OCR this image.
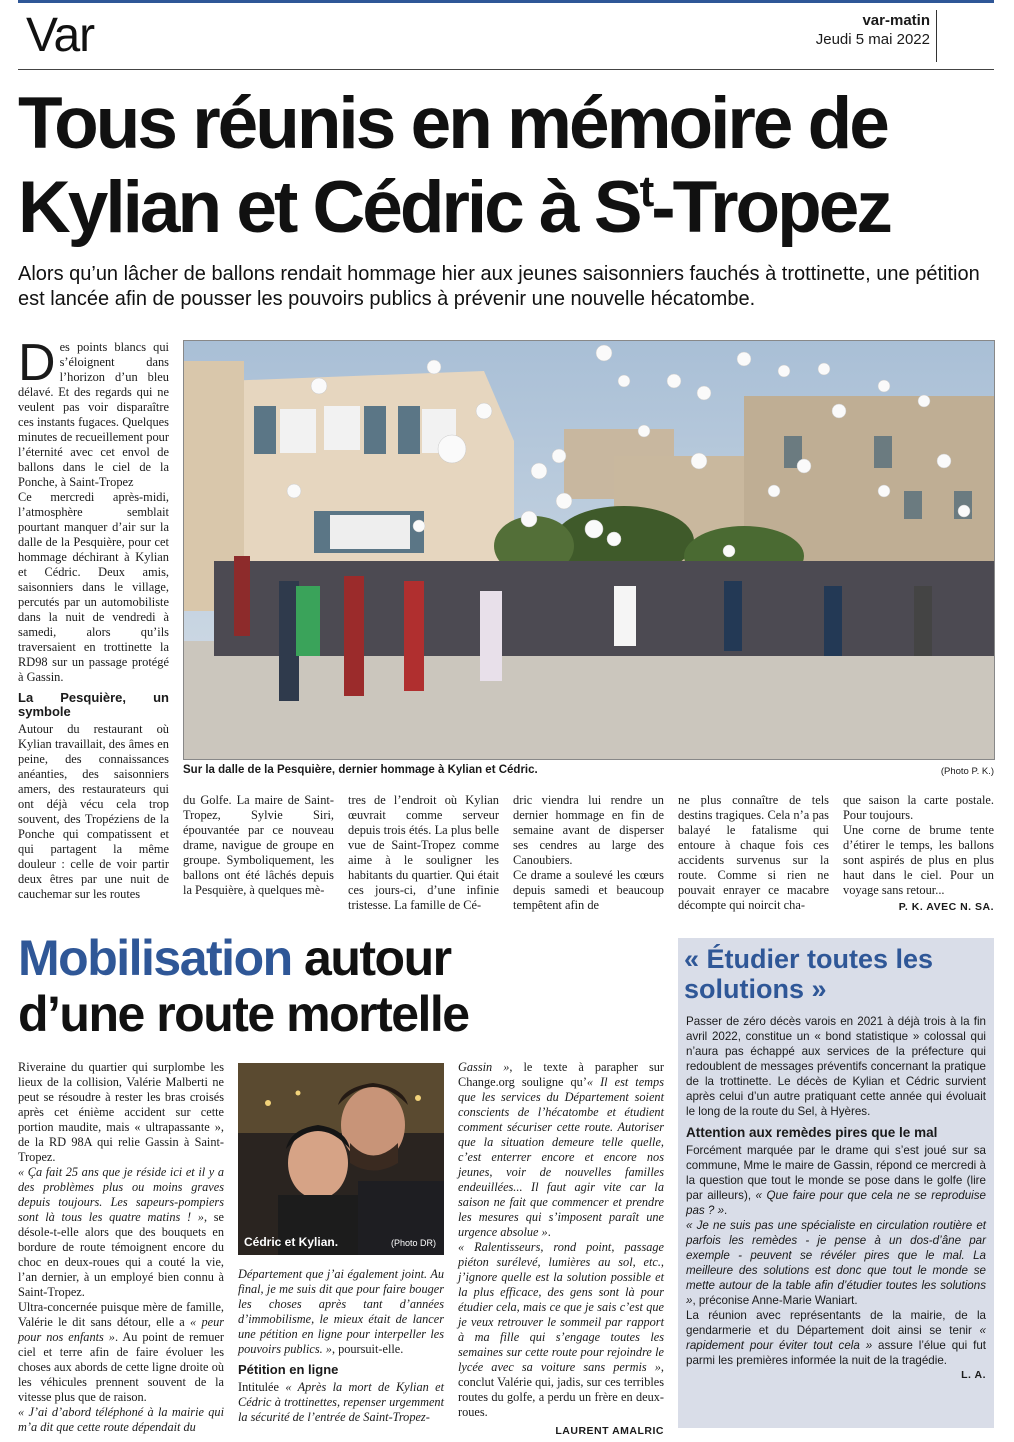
Var	var-matin
Jeudi 5 mai 2022
Tous réunis en mémoire de
Kylian et Cédric à $S^t$-Tropez

Alors qu’un lâcher de ballons rendait hommage hier aux jeunes saisonniers fauchés à trottinette, une pétition est lancée afin de pousser les pouvoirs publics à prévenir une nouvelle hécatombe.

Des points blancs qui s’éloignent dans l’horizon d’un bleu délavé. Et des regards qui ne veulent pas voir disparaître ces instants fugaces. Quelques minutes de recueillement pour l’éternité avec cet envol de ballons dans le ciel de la Ponche, à Saint-Tropez

Ce mercredi après-midi, l’atmosphère semblait pourtant manquer d’air sur la dalle de la Pesquière, pour cet hommage déchirant à Kylian et Cédric. Deux amis, saisonniers dans le village, percutés par un automobiliste dans la nuit de vendredi à samedi, alors qu’ils traversaient en trottinette la RD98 sur un passage protégé à Gassin.

La Pesquière, un symbole

Autour du restaurant où Kylian travaillait, des âmes en peine, des connaissances anéanties, des saisonniers amers, des restaurateurs qui ont déjà vécu cela trop souvent, des Tropéziens de la Ponche qui compatissent et qui partagent la même douleur : celle de voir partir deux êtres par une nuit de cauchemar sur les routes

Sur la dalle de la Pesquière, dernier hommage à Kylian et Cédric.	(Photo P. K.)

du Golfe. La maire de Saint-Tropez, Sylvie Siri, épouvantée par ce nouveau drame, navigue de groupe en groupe. Symboliquement, les ballons ont été lâchés depuis la Pesquière, à quelques mè-

tres de l’endroit où Kylian œuvrait comme serveur depuis trois étés. La plus belle vue de Saint-Tropez comme aime à le souligner les habitants du quartier. Qui était ces jours-ci, d’une infinie tristesse. La famille de Cé-

dric viendra lui rendre un dernier hommage en fin de semaine avant de disperser ses cendres au large des Canoubiers.

Ce drame a soulevé les cœurs depuis samedi et beaucoup tempêtent afin de

ne plus connaître de tels destins tragiques. Cela n’a pas balayé le fatalisme qui entoure à chaque fois ces accidents survenus sur la route. Comme si rien ne pouvait enrayer ce macabre décompte qui noircit cha-

que saison la carte postale. Pour toujours.

Une corne de brume tente d’étirer le temps, les ballons sont aspirés de plus en plus haut dans le ciel. Pour un voyage sans retour...

P. K. AVEC N. SA.
Mobilisation autour
d’une route mortelle

Riveraine du quartier qui surplombe les lieux de la collision, Valérie Malberti ne peut se résoudre à rester les bras croisés après cet énième accident sur cette portion maudite, mais « ultrapassante », de la RD 98A qui relie Gassin à Saint-Tropez.

« Ça fait 25 ans que je réside ici et il y a des problèmes plus ou moins graves depuis toujours. Les sapeurs-pompiers sont là tous les quatre matins ! », se désole-t-elle alors que des bouquets en bordure de route témoignent encore du choc en deux-roues qui a couté la vie, l’an dernier, à un employé bien connu à Saint-Tropez.

Ultra-concernée puisque mère de famille, Valérie le dit sans détour, elle a « peur pour nos enfants ». Au point de remuer ciel et terre afin de faire évoluer les choses aux abords de cette ligne droite où les véhicules prennent souvent de la vitesse plus que de raison.

« J’ai d’abord téléphoné à la mairie qui m’a dit que cette route dépendait du

Cédric et Kylian.	(Photo DR)

Département que j’ai également joint. Au final, je me suis dit que pour faire bouger les choses après tant d’années d’immobilisme, le mieux était de lancer une pétition en ligne pour interpeller les pouvoirs publics. », poursuit-elle.

Pétition en ligne

Intitulée « Après la mort de Kylian et Cédric à trottinettes, repenser urgemment la sécurité de l’entrée de Saint-Tropez-

Gassin », le texte à parapher sur Change.org souligne qu’« Il est temps que les services du Département soient conscients de l’hécatombe et étudient comment sécuriser cette route. Autoriser que la situation demeure telle quelle, c’est enterrer encore et encore nos jeunes, voir de nouvelles familles endeuillées... Il faut agir vite car la saison ne fait que commencer et prendre les mesures qui s’imposent paraît une urgence absolue ».

« Ralentisseurs, rond point, passage piéton surélevé, lumières au sol, etc., j’ignore quelle est la solution possible et la plus efficace, des gens sont là pour étudier cela, mais ce que je sais c’est que je veux retrouver le sommeil par rapport à ma fille qui s’engage toutes les semaines sur cette route pour rejoindre le lycée avec sa voiture sans permis », conclut Valérie qui, jadis, sur ces terribles routes du golfe, a perdu un frère en deux-roues.

LAURENT AMALRIC
« Étudier toutes les solutions »

Passer de zéro décès varois en 2021 à déjà trois à la fin avril 2022, constitue un « bond statistique » colossal qui n’aura pas échappé aux services de la préfecture qui redoublent de messages préventifs concernant la pratique de la trottinette. Le décès de Kylian et Cédric survient après celui d’un autre pratiquant cette année qui évoluait le long de la route du Sel, à Hyères.

Attention aux remèdes pires que le mal

Forcément marquée par le drame qui s’est joué sur sa commune, Mme le maire de Gassin, répond ce mercredi à la question que tout le monde se pose dans le golfe (lire par ailleurs), « Que faire pour que cela ne se reproduise pas ? ».

« Je ne suis pas une spécialiste en circulation routière et parfois les remèdes - je pense à un dos-d’âne par exemple - peuvent se révéler pires que le mal. La meilleure des solutions est donc que tout le monde se mette autour de la table afin d’étudier toutes les solutions », préconise Anne-Marie Waniart.

La réunion avec représentants de la mairie, de la gendarmerie et du Département doit ainsi se tenir « rapidement pour éviter tout cela » assure l’élue qui fut parmi les premières informée la nuit de la tragédie.

L. A.
